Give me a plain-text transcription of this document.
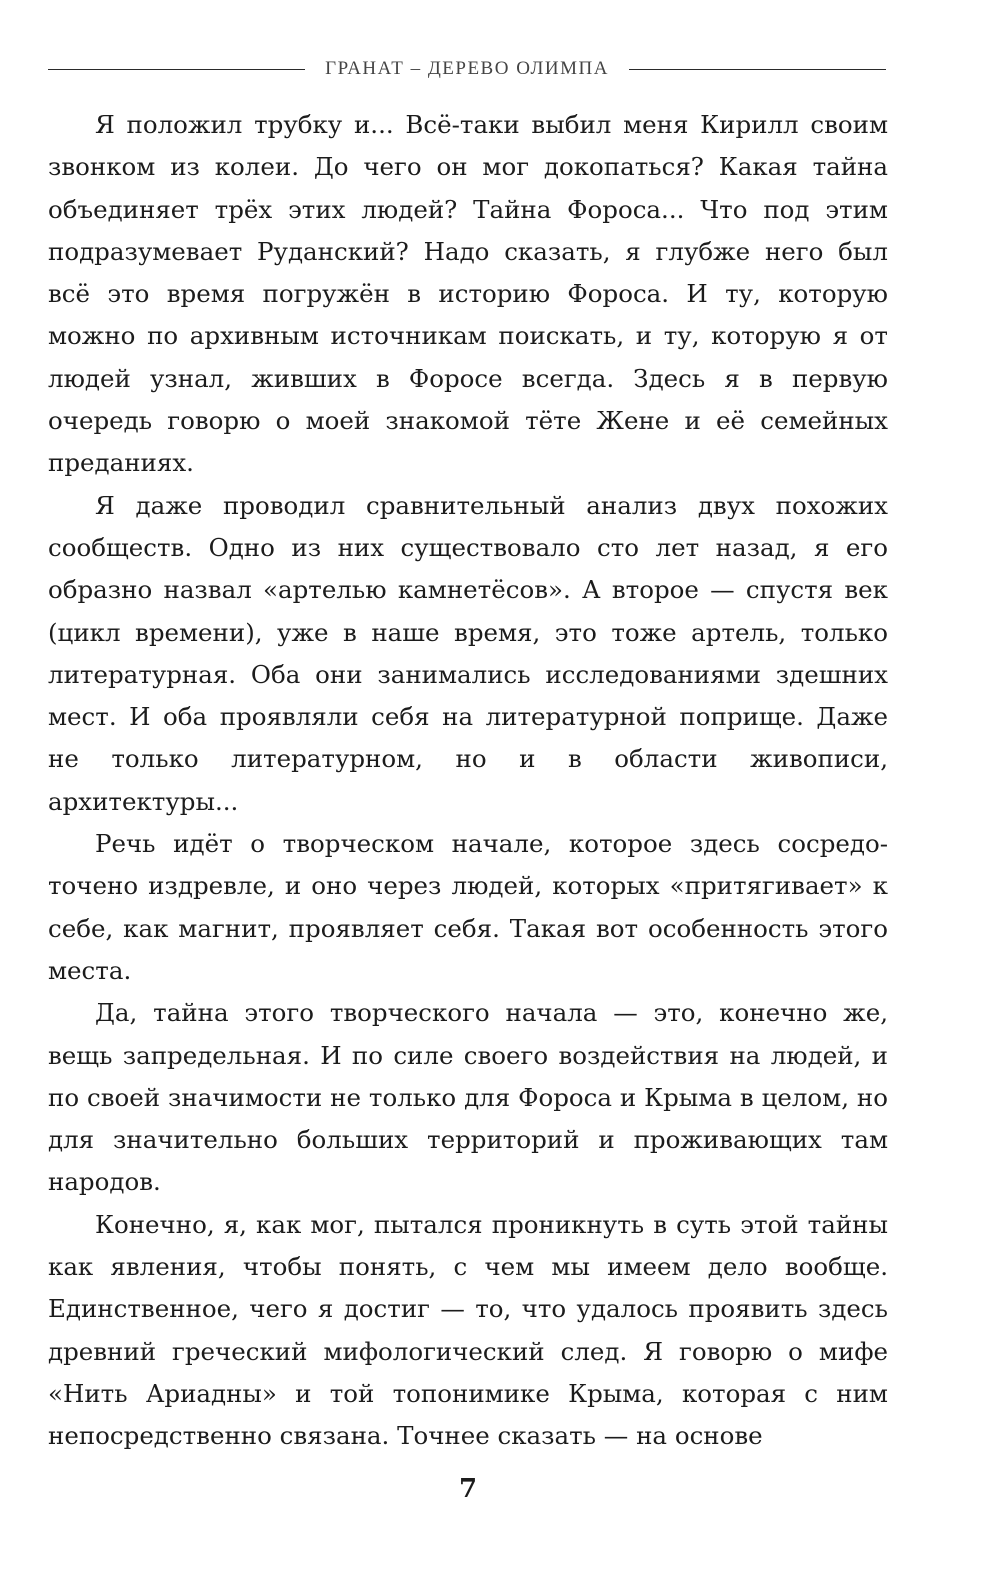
ГРАНАТ – ДЕРЕВО ОЛИМПА

Я положил трубку и... Всё-таки выбил меня Кирилл своим звонком из колеи. До чего он мог докопаться? Какая тайна объединяет трёх этих людей? Тайна Фороса... Что под этим подразумевает Руданский? Надо сказать, я глубже него был всё это время погружён в историю Фороса. И ту, которую можно по архивным источникам поискать, и ту, которую я от людей узнал, живших в Форосе всегда. Здесь я в первую очередь говорю о моей знакомой тёте Жене и её семейных преданиях.

Я даже проводил сравнительный анализ двух похожих сообществ. Одно из них существовало сто лет назад, я его образно назвал «артелью камнетёсов». А второе — спустя век (цикл времени), уже в наше время, это тоже артель, только литературная. Оба они занимались исследованиями здешних мест. И оба проявляли себя на литературной поприще. Даже не только литературном, но и в области живописи, архитектуры...

Речь идёт о творческом начале, которое здесь сосредоточено издревле, и оно через людей, которых «притягивает» к себе, как магнит, проявляет себя. Такая вот особенность этого места.

Да, тайна этого творческого начала — это, конечно же, вещь запредельная. И по силе своего воздействия на людей, и по своей значимости не только для Фороса и Крыма в целом, но для значительно больших территорий и проживающих там народов.

Конечно, я, как мог, пытался проникнуть в суть этой тайны как явления, чтобы понять, с чем мы имеем дело вообще. Единственное, чего я достиг — то, что удалось проявить здесь древний греческий мифологический след. Я говорю о мифе «Нить Ариадны» и той топонимике Крыма, которая с ним непосредственно связана. Точнее сказать — на основе

7
